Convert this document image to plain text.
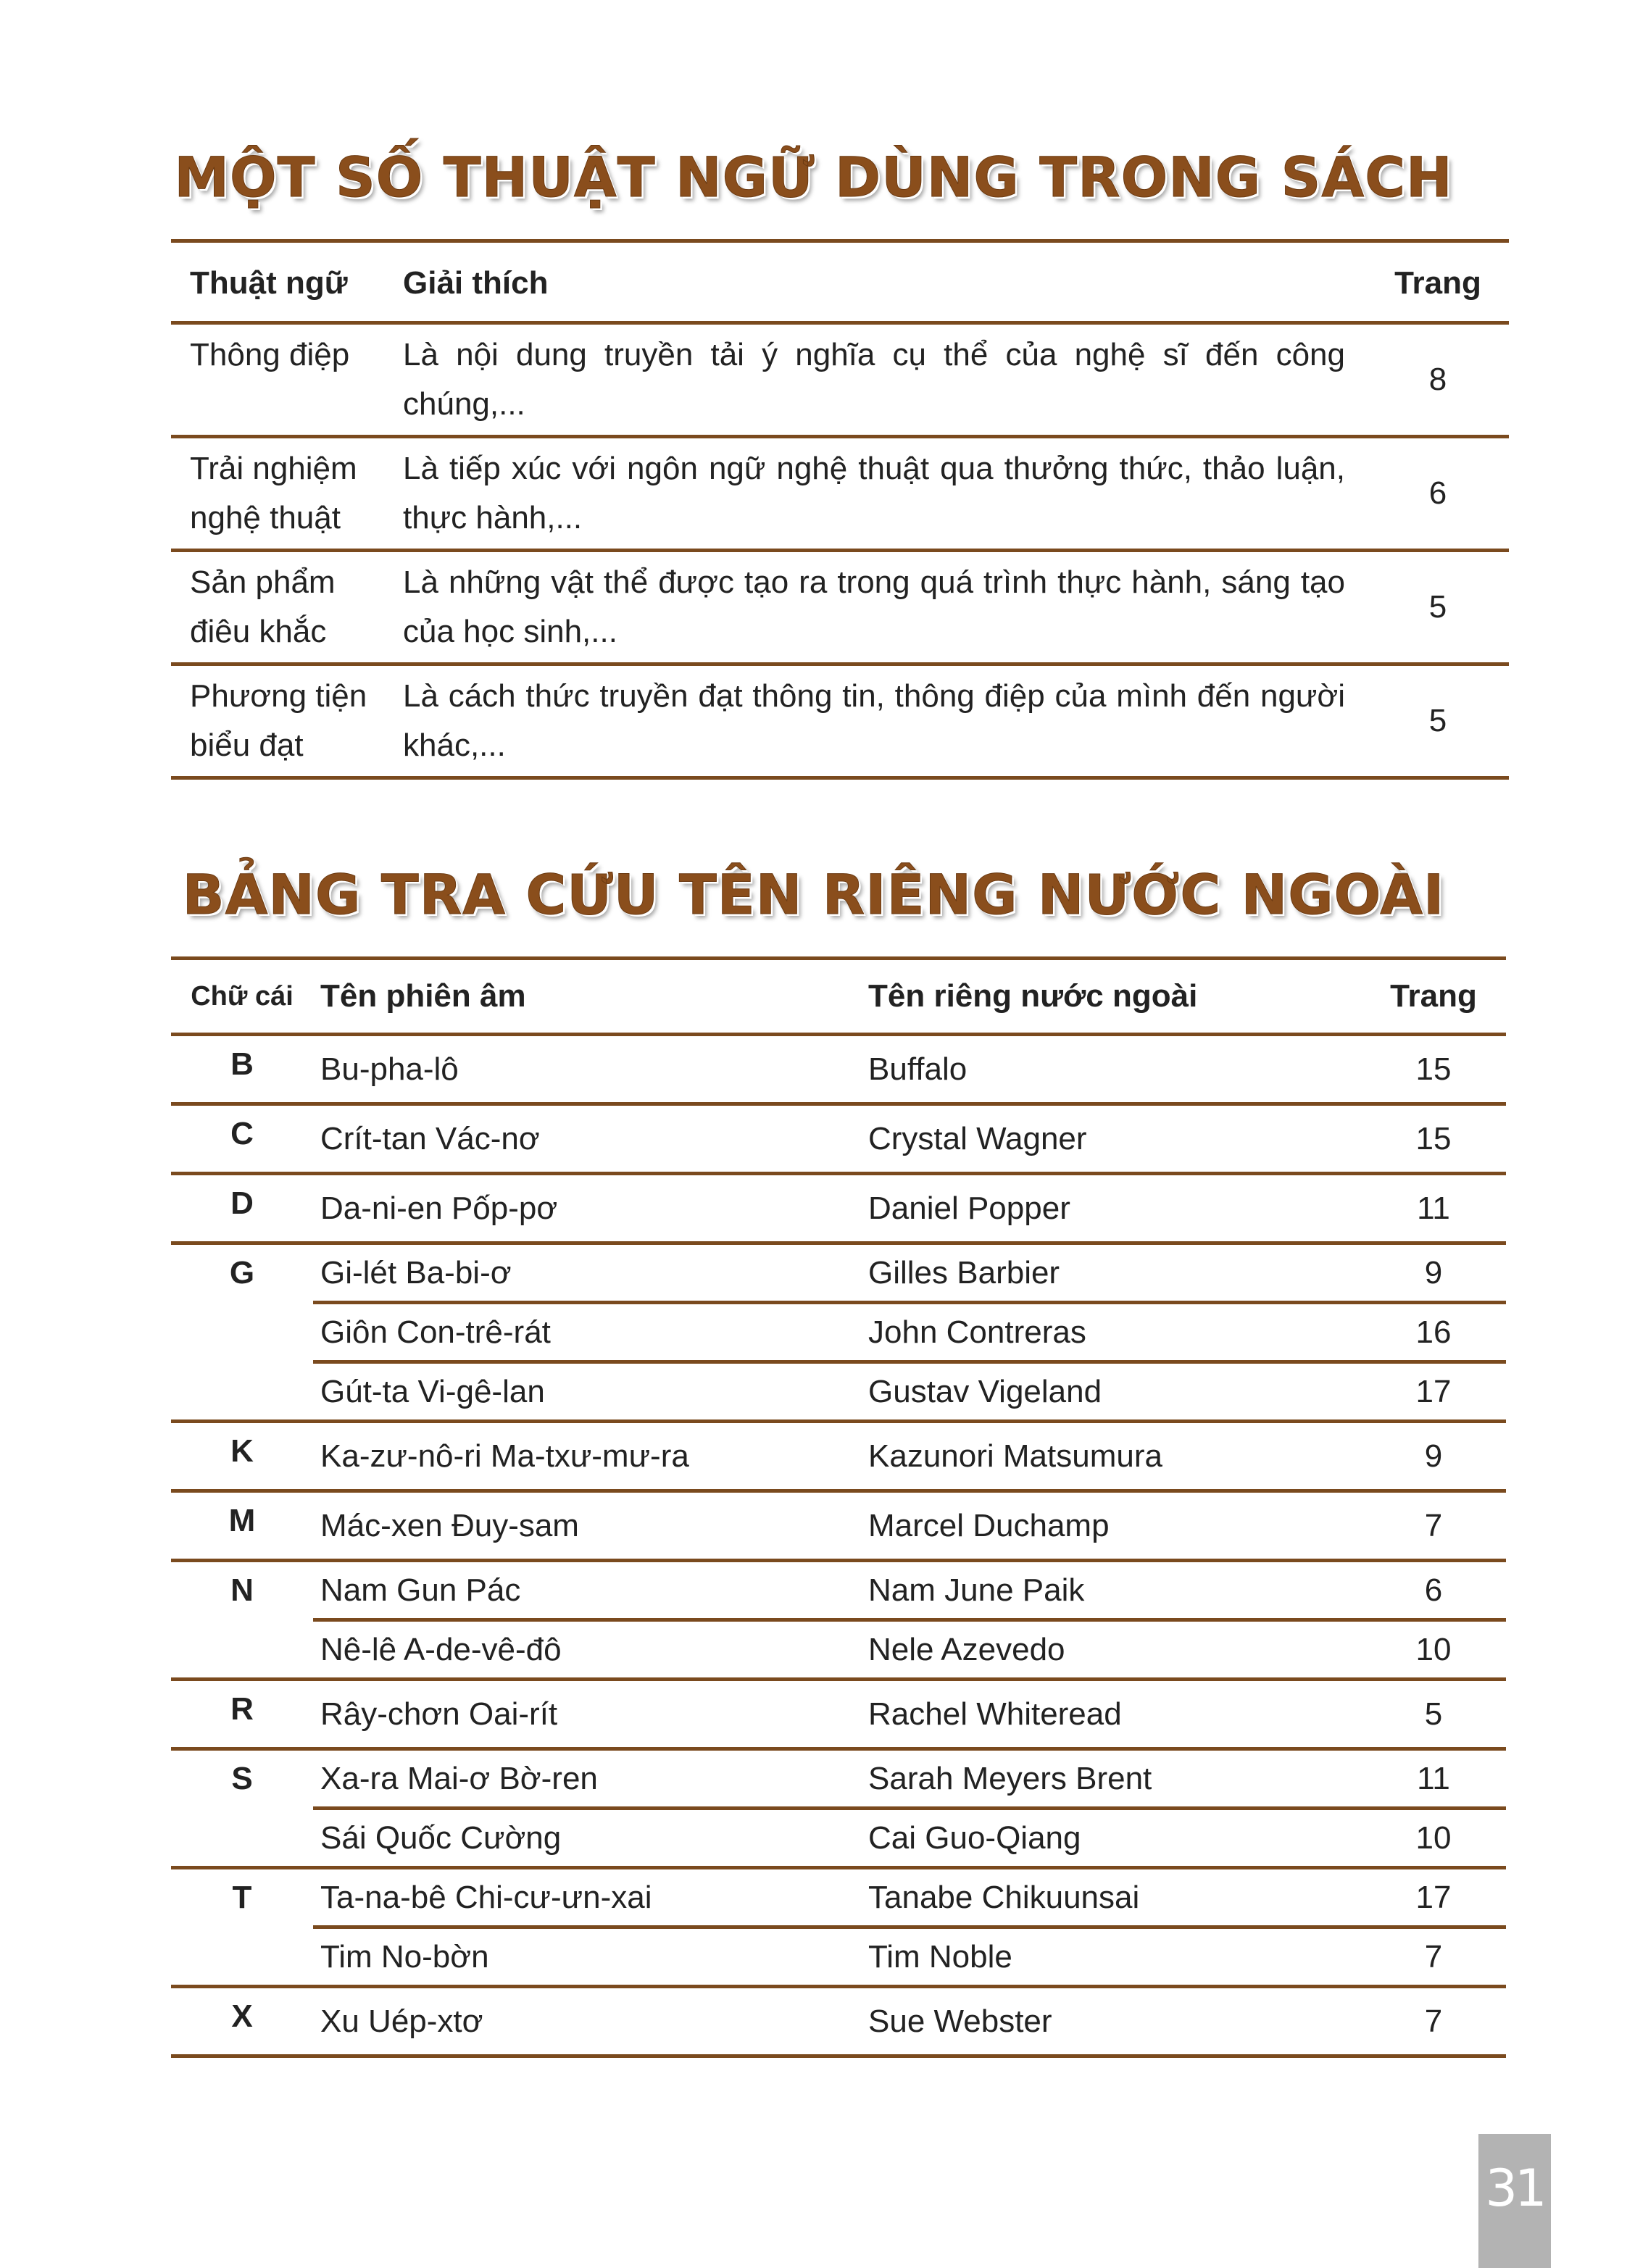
MỘT SỐ THUẬT NGỮ DÙNG TRONG SÁCH
Thuật ngữ	Giải thích	Trang
Thông điệp	Là nội dung truyền tải ý nghĩa cụ thể của nghệ sĩ đến công chúng,...	8
Trải nghiệm nghệ thuật	Là tiếp xúc với ngôn ngữ nghệ thuật qua thưởng thức, thảo luận, thực hành,...	6
Sản phẩm điêu khắc	Là những vật thể được tạo ra trong quá trình thực hành, sáng tạo của học sinh,...	5
Phương tiện biểu đạt	Là cách thức truyền đạt thông tin, thông điệp của mình đến người khác,...	5
BẢNG TRA CỨU TÊN RIÊNG NƯỚC NGOÀI
Chữ cái	Tên phiên âm	Tên riêng nước ngoài	Trang
B	Bu-pha-lô	Buffalo	15
C	Crít-tan Vác-nơ	Crystal Wagner	15
D	Da-ni-en Pốp-pơ	Daniel Popper	11
G	Gi-lét Ba-bi-ơ	Gilles Barbier	9
	Giôn Con-trê-rát	John Contreras	16
	Gút-ta Vi-gê-lan	Gustav Vigeland	17
K	Ka-zư-nô-ri Ma-txư-mư-ra	Kazunori Matsumura	9
M	Mác-xen Đuy-sam	Marcel Duchamp	7
N	Nam Gun Pác	Nam June Paik	6
	Nê-lê A-de-vê-đô	Nele Azevedo	10
R	Rây-chơn Oai-rít	Rachel Whiteread	5
S	Xa-ra Mai-ơ Bờ-ren	Sarah Meyers Brent	11
	Sái Quốc Cường	Cai Guo-Qiang	10
T	Ta-na-bê Chi-cư-ưn-xai	Tanabe Chikuunsai	17
	Tim No-bờn	Tim Noble	7
X	Xu Uép-xtơ	Sue Webster	7
31
